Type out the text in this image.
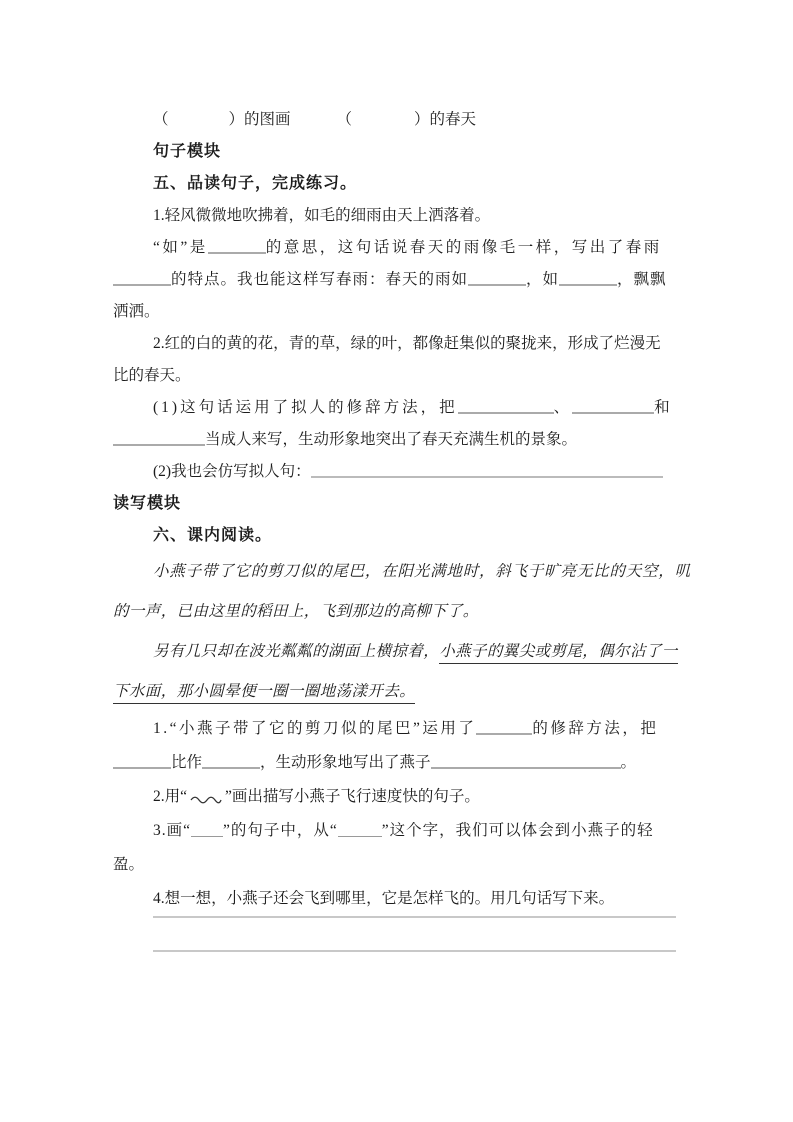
（	）的图画	（	）的春天
句子模块
五、品读句子，完成练习。
1.轻风微微地吹拂着，如毛的细雨由天上洒落着。
“如”是	的意思，这句话说春天的雨像毛一样，写出了春雨
的特点。我也能这样写春雨：春天的雨如	，如	，飘飘
洒洒。
2.红的白的黄的花，青的草，绿的叶，都像赶集似的聚拢来，形成了烂漫无
比的春天。
(1)这句话运用了拟人的修辞方法，把	、	和
当成人来写，生动形象地突出了春天充满生机的景象。
(2)我也会仿写拟人句：
读写模块
六、课内阅读。
小燕子带了它的剪刀似的尾巴，在阳光满地时，斜飞于旷亮无比的天空，叽
的一声，已由这里的稻田上，飞到那边的高柳下了。
另有几只却在波光粼粼的湖面上横掠着，小燕子的翼尖或剪尾，偶尔沾了一
下水面，那小圆晕便一圈一圈地荡漾开去。
1.“小燕子带了它的剪刀似的尾巴”运用了	的修辞方法，把
比作	，生动形象地写出了燕子	。
2.用“ ”画出描写小燕子飞行速度快的句子。
3.画“ ”的句子中，从“	”这个字，我们可以体会到小燕子的轻
盈。
4.想一想，小燕子还会飞到哪里，它是怎样飞的。用几句话写下来。
